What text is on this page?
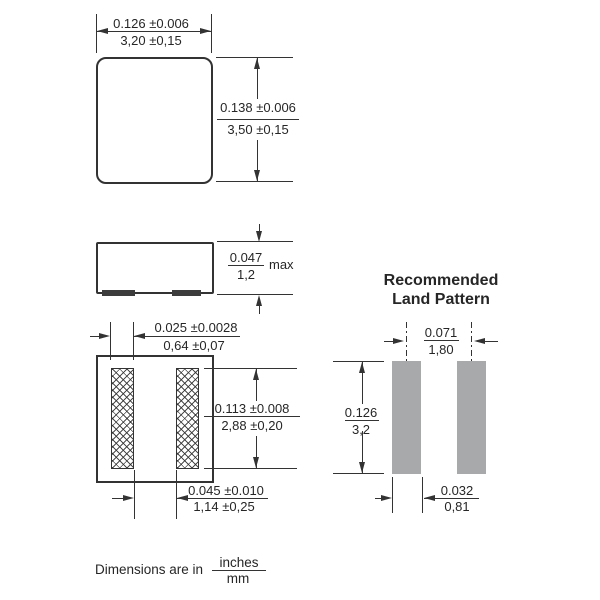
0.126 ±0.006
3,20 ±0,15
0.138 ±0.006
3,50 ±0,15
0.047
1,2
max
0.025 ±0.0028
0,64 ±0,07
0.113 ±0.008
2,88 ±0,20
0.045 ±0.010
1,14 ±0,25
Recommended
Land Pattern
0.071
1,80
0.126
3,2
0.032
0,81
Dimensions are in inches
mm
